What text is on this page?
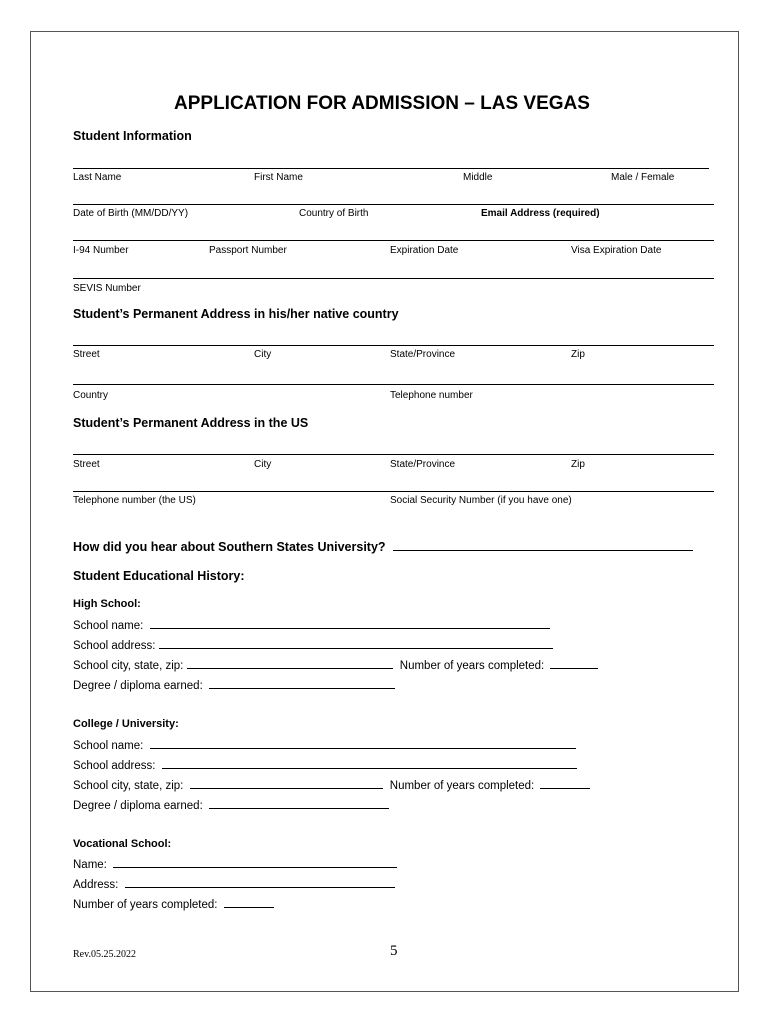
APPLICATION FOR ADMISSION – LAS VEGAS
Student Information
Last Name	First Name	Middle	Male / Female
Date of Birth (MM/DD/YY)	Country of Birth	Email Address (required)
I-94 Number	Passport Number	Expiration Date	Visa Expiration Date
SEVIS Number
Student’s Permanent Address in his/her native country
Street	City	State/Province	Zip
Country	Telephone number
Student’s Permanent Address in the US
Street	City	State/Province	Zip
Telephone number (the US)	Social Security Number (if you have one)
How did you hear about Southern States University?
Student Educational History:
High School:
School name:
School address:
School city, state, zip:	Number of years completed:
Degree / diploma earned:
College / University:
School name:
School address:
School city, state, zip:	Number of years completed:
Degree / diploma earned:
Vocational School:
Name:
Address:
Number of years completed:
Rev.05.25.2022	5
